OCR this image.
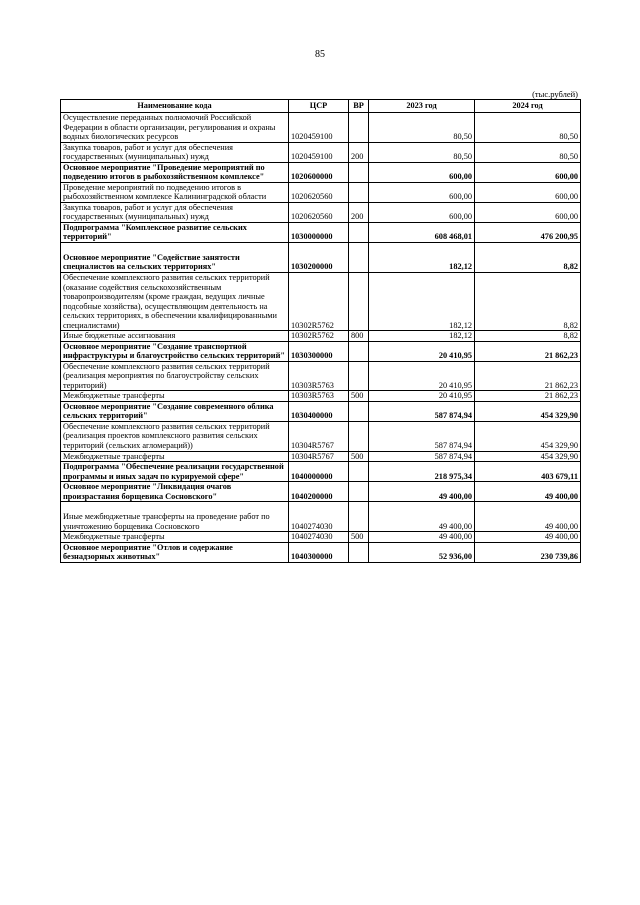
85
(тыс.рублей)
Наименование кода	ЦСР	ВР	2023 год	2024 год
Осуществление переданных полномочий Российской Федерации в области организации, регулирования и охраны водных биологических ресурсов	1020459100		80,50	80,50
Закупка товаров, работ и услуг для обеспечения государственных (муниципальных) нужд	1020459100	200	80,50	80,50
Основное мероприятие "Проведение мероприятий по подведению итогов в рыбохозяйственном комплексе"	1020600000		600,00	600,00
Проведение мероприятий по подведению итогов в рыбохозяйственном комплексе Калининградской области	1020620560		600,00	600,00
Закупка товаров, работ и услуг для обеспечения государственных (муниципальных) нужд	1020620560	200	600,00	600,00
Подпрограмма "Комплексное развитие сельских территорий"	1030000000		608 468,01	476 200,95

Основное мероприятие "Содействие занятости специалистов на сельских территориях"	1030200000		182,12	8,82
Обеспечение комплексного развития сельских территорий (оказание содействия сельскохозяйственным товаропроизводителям (кроме граждан, ведущих личные подсобные хозяйства), осуществляющим деятельность на сельских территориях, в обеспечении квалифицированными специалистами)	10302R5762		182,12	8,82
Иные бюджетные ассигнования	10302R5762	800	182,12	8,82
Основное мероприятие "Создание транспортной инфраструктуры и благоустройство сельских территорий"	1030300000		20 410,95	21 862,23
Обеспечение комплексного развития сельских территорий (реализация мероприятия по благоустройству сельских территорий)	10303R5763		20 410,95	21 862,23
Межбюджетные трансферты	10303R5763	500	20 410,95	21 862,23
Основное мероприятие "Создание современного облика сельских территорий"	1030400000		587 874,94	454 329,90
Обеспечение комплексного развития сельских территорий (реализация проектов комплексного развития сельских территорий (сельских агломераций))	10304R5767		587 874,94	454 329,90
Межбюджетные трансферты	10304R5767	500	587 874,94	454 329,90
Подпрограмма "Обеспечение реализации государственной программы и иных задач по курируемой сфере"	1040000000		218 975,34	403 679,11
Основное мероприятие "Ликвидация очагов произрастания борщевика Сосновского"	1040200000		49 400,00	49 400,00

Иные межбюджетные трансферты на проведение работ по уничтожению борщевика Сосновского	1040274030		49 400,00	49 400,00
Межбюджетные трансферты	1040274030	500	49 400,00	49 400,00
Основное мероприятие "Отлов и содержание безнадзорных животных"	1040300000		52 936,00	230 739,86
